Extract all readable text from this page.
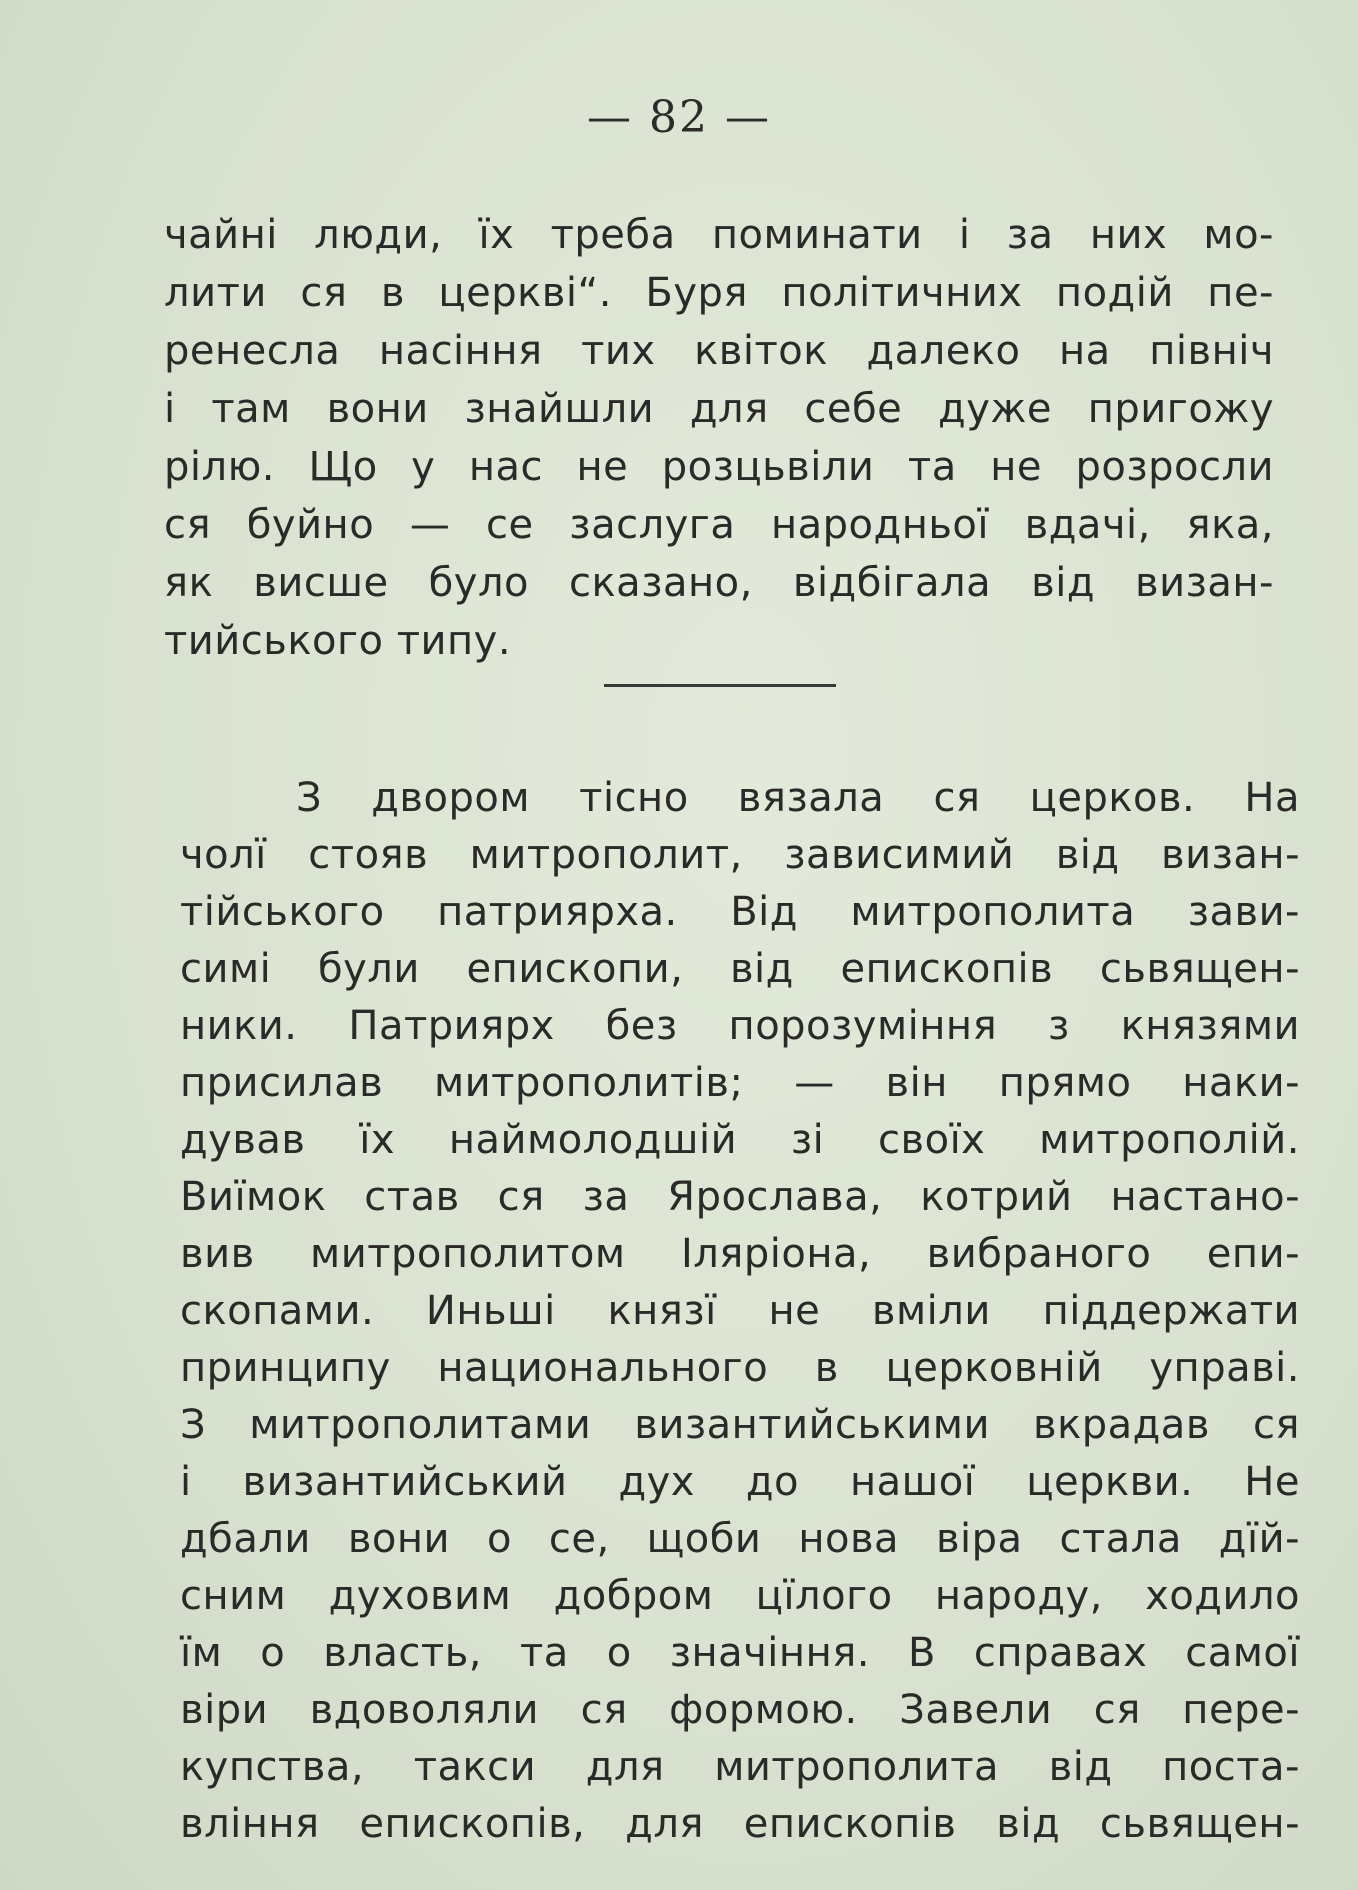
— 82 —
чайні люди, їх треба поминати і за них мо-
лити ся в церкві“. Буря політичних подій пе-
ренесла насіння тих квіток далеко на північ
і там вони знайшли для себе дуже пригожу
рілю. Що у нас не розцьвіли та не розросли
ся буйно — се заслуга народньої вдачі, яка,
як висше було сказано, відбігала від визан-
тийського типу.
З двором тісно вязала ся церков. На
чолї стояв митрополит, зависимий від визан-
тійського патрияpха. Від митрополита зави-
симі були епископи, від епископів сьвящен-
ники. Патрияpх без порозуміння з князями
присилав митрополитів; — він прямо наки-
дував їх наймолодшій зі своїх митрополій.
Виїмок став ся за Ярослава, котрий настано-
вив митрополитом Іляріона, вибраного епи-
скопами. Иньші князї не вміли піддержати
принципу национального в церковній управі.
З митрополитами византийськими вкрадав ся
і византийський дух до нашої церкви. Не
дбали вони о се, щоби нова віра стала дїй-
сним духовим добром цїлого народу, ходило
їм о власть, та о значіння. В справах самої
віри вдоволяли ся формою. Завели ся пере-
купства, такси для митрополита від поста-
вління епископів, для епископів від сьвящен-
